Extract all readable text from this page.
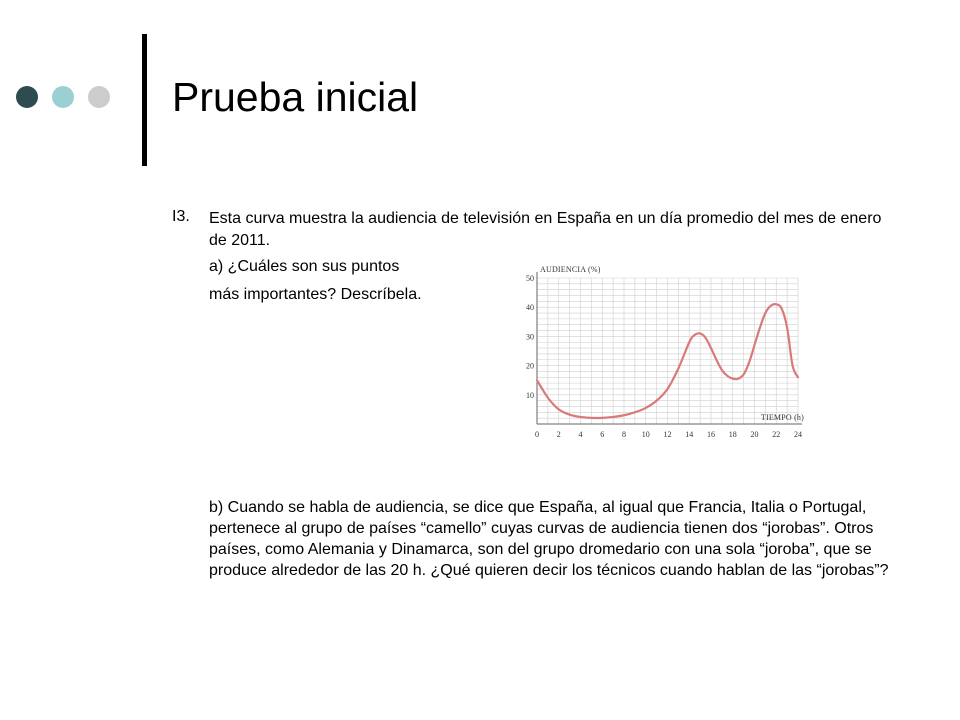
Prueba inicial
I3. Esta curva muestra la audiencia de televisión en España en un día promedio del mes de enero de 2011.
a) ¿Cuáles son sus puntos
más importantes? Descríbela.
0 2 4 6 8 10 12 14 16 18 20 22 24
10
20
30
40
50
AUDIENCIA (%)
TIEMPO (h)
b) Cuando se habla de audiencia, se dice que España, al igual que Francia, Italia o Portugal, pertenece al grupo de países “camello” cuyas curvas de audiencia tienen dos “jorobas”. Otros países, como Alemania y Dinamarca, son del grupo dromedario con una sola “joroba”, que se produce alrededor de las 20 h. ¿Qué quieren decir los técnicos cuando hablan de las “jorobas”?
